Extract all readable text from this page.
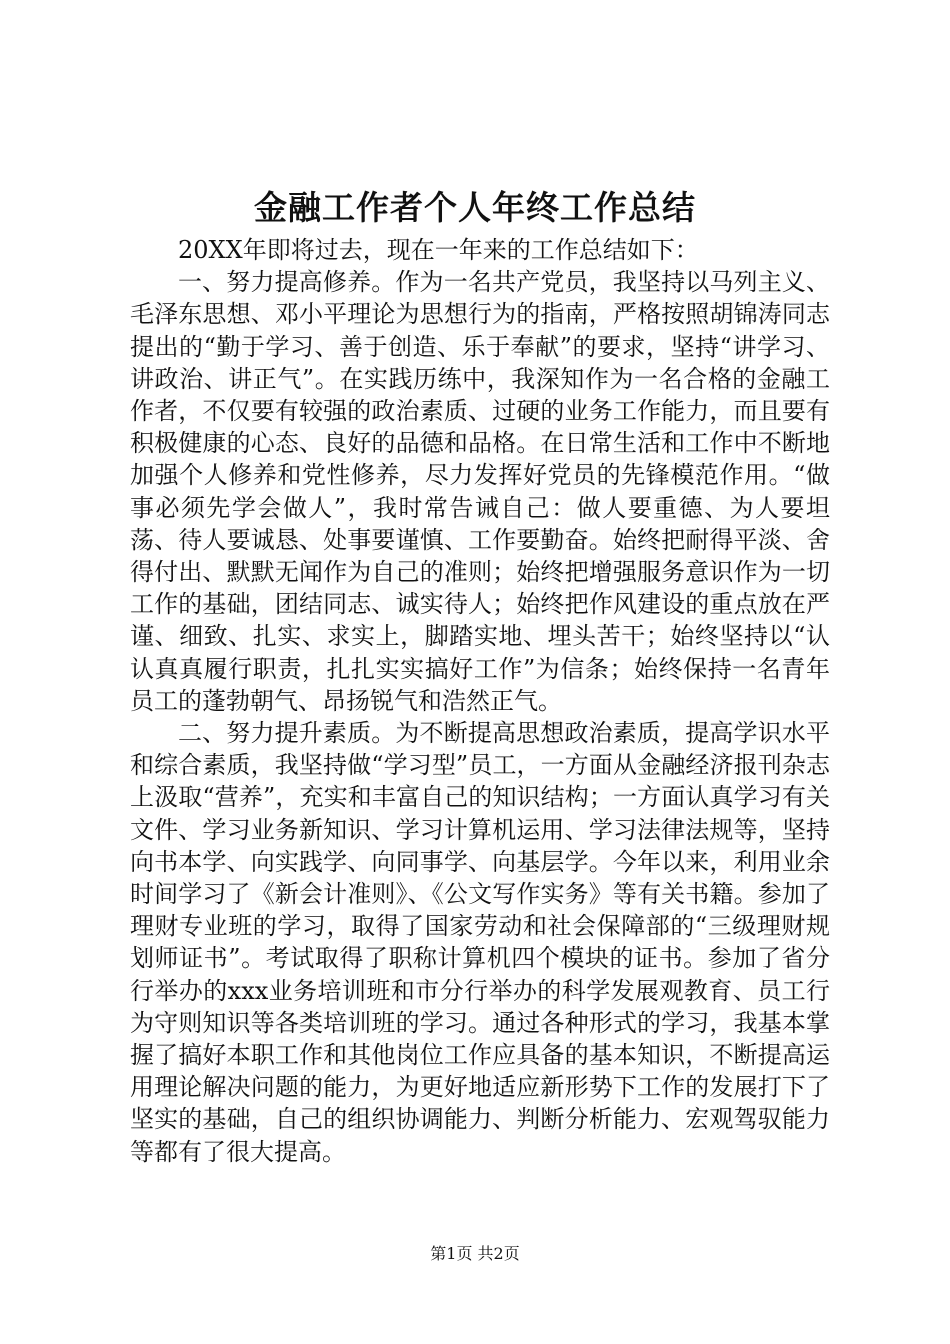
金融工作者个人年终工作总结

20XX年即将过去，现在一年来的工作总结如下：

一、努力提高修养。作为一名共产党员，我坚持以马列主义、毛泽东思想、邓小平理论为思想行为的指南，严格按照胡锦涛同志提出的“勤于学习、善于创造、乐于奉献”的要求，坚持“讲学习、讲政治、讲正气”。在实践历练中，我深知作为一名合格的金融工作者，不仅要有较强的政治素质、过硬的业务工作能力，而且要有积极健康的心态、良好的品德和品格。在日常生活和工作中不断地加强个人修养和党性修养，尽力发挥好党员的先锋模范作用。“做事必须先学会做人”，我时常告诫自己：做人要重德、为人要坦荡、待人要诚恳、处事要谨慎、工作要勤奋。始终把耐得平淡、舍得付出、默默无闻作为自己的准则；始终把增强服务意识作为一切工作的基础，团结同志、诚实待人；始终把作风建设的重点放在严谨、细致、扎实、求实上，脚踏实地、埋头苦干；始终坚持以“认认真真履行职责，扎扎实实搞好工作”为信条；始终保持一名青年员工的蓬勃朝气、昂扬锐气和浩然正气。

二、努力提升素质。为不断提高思想政治素质，提高学识水平和综合素质，我坚持做“学习型”员工，一方面从金融经济报刊杂志上汲取“营养”，充实和丰富自己的知识结构；一方面认真学习有关文件、学习业务新知识、学习计算机运用、学习法律法规等，坚持向书本学、向实践学、向同事学、向基层学。今年以来，利用业余时间学习了《新会计准则》、《公文写作实务》等有关书籍。参加了理财专业班的学习，取得了国家劳动和社会保障部的“三级理财规划师证书”。考试取得了职称计算机四个模块的证书。参加了省分行举办的xxx业务培训班和市分行举办的科学发展观教育、员工行为守则知识等各类培训班的学习。通过各种形式的学习，我基本掌握了搞好本职工作和其他岗位工作应具备的基本知识，不断提高运用理论解决问题的能力，为更好地适应新形势下工作的发展打下了坚实的基础，自己的组织协调能力、判断分析能力、宏观驾驭能力等都有了很大提高。

第1页 共2页
